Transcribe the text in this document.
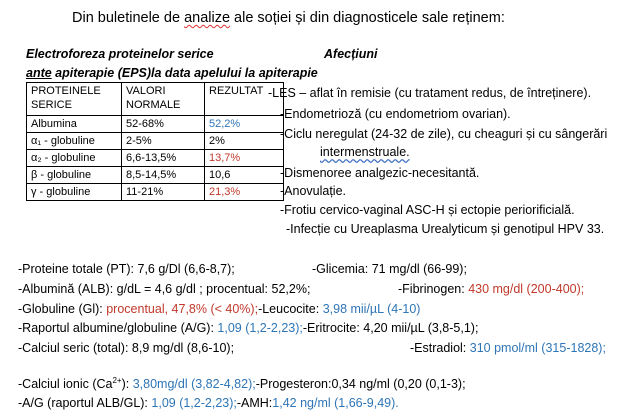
Din buletinele de analize ale soției și din diagnosticele sale reținem:
Electroforeza proteinelor serice
ante apiterapie (EPS)la data apelului la apiterapie
Afecțiuni
PROTEINELE SERICE	VALORI NORMALE	REZULTAT
Albumina	52-68%	52,2%
α₁ - globuline	2-5%	2%
α₂ - globuline	6,6-13,5%	13,7%
β - globuline	8,5-14,5%	10,6
γ - globuline	11-21%	21,3%
-LES – aflat în remisie (cu tratament redus, de întreținere).
-Endometrioză (cu endometriom ovarian).
-Ciclu neregulat (24-32 de zile), cu cheaguri și cu sângerări
intermenstruale.
-Dismenoree analgezic-necesitantă.
-Anovulație.
-Frotiu cervico-vaginal ASC-H și ectopie periorificială.
-Infecție cu Ureaplasma Urealyticum și genotipul HPV 33.
-Proteine totale (PT): 7,6 g/Dl (6,6-8,7);	-Glicemia: 71 mg/dl (66-99);
-Albumină (ALB): g/dL = 4,6 g/dl ; procentual: 52,2%;	-Fibrinogen: 430 mg/dl (200-400);
-Globuline (Gl): procentual, 47,8% (< 40%);-Leucocite: 3,98 mii/µL (4-10)
-Raportul albumine/globuline (A/G): 1,09 (1,2-2,23);-Eritrocite: 4,20 mii/µL (3,8-5,1);
-Calciul seric (total): 8,9 mg/dl (8,6-10);	-Estradiol: 310 pmol/ml (315-1828);
-Calciul ionic $(Ca^{2+})$: 3,80mg/dl (3,82-4,82);-Progesteron:0,34 ng/ml (0,20 (0,1-3);
-A/G (raportul ALB/GL): 1,09 (1,2-2,23);-AMH:1,42 ng/ml (1,66-9,49).
